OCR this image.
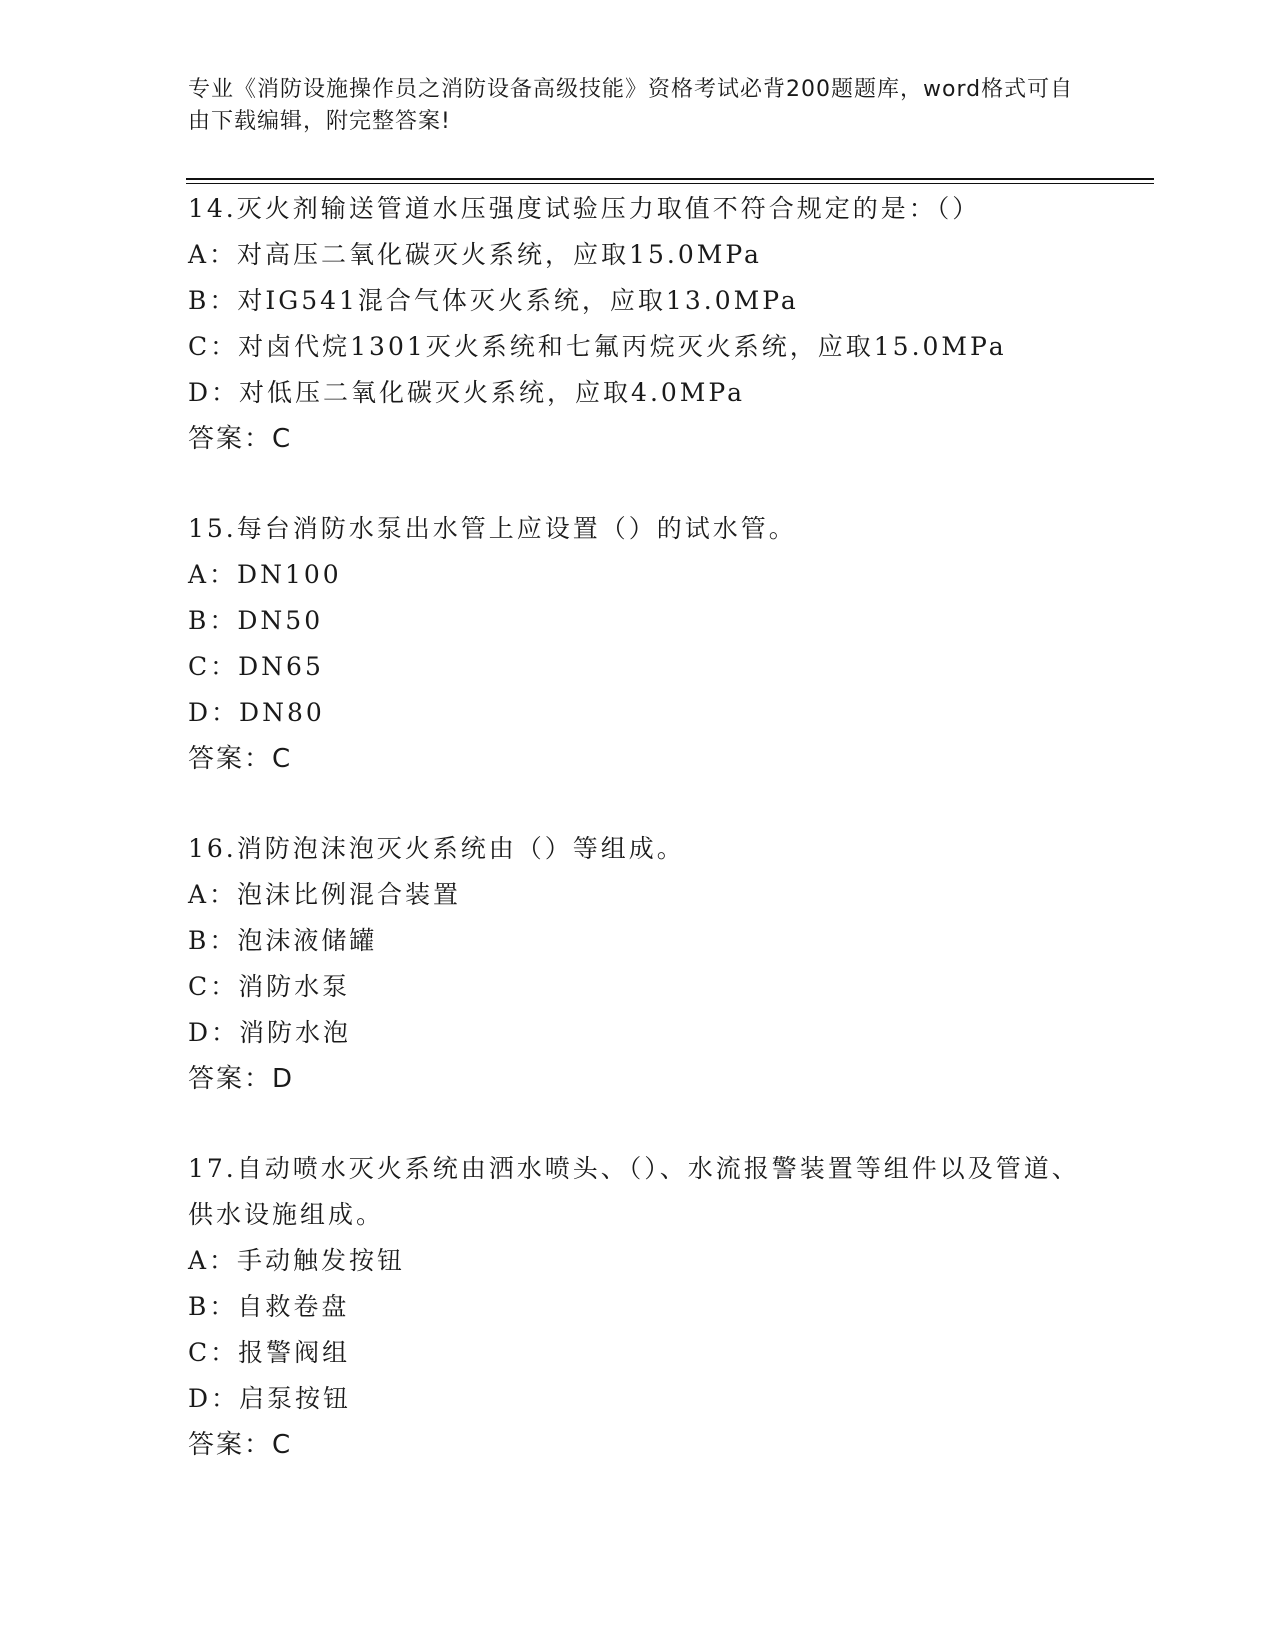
专业《消防设施操作员之消防设备高级技能》资格考试必背200题题库，word格式可自由下载编辑，附完整答案!
14.灭火剂输送管道水压强度试验压力取值不符合规定的是：（）
A：对高压二氧化碳灭火系统，应取15.0MPa
B：对IG541混合气体灭火系统，应取13.0MPa
C：对卤代烷1301灭火系统和七氟丙烷灭火系统，应取15.0MPa
D：对低压二氧化碳灭火系统，应取4.0MPa
答案：C
15.每台消防水泵出水管上应设置（）的试水管。
A：DN100
B：DN50
C：DN65
D：DN80
答案：C
16.消防泡沫泡灭火系统由（）等组成。
A：泡沫比例混合装置
B：泡沫液储罐
C：消防水泵
D：消防水泡
答案：D
17.自动喷水灭火系统由洒水喷头、（）、水流报警装置等组件以及管道、供水设施组成。
A：手动触发按钮
B：自救卷盘
C：报警阀组
D：启泵按钮
答案：C
